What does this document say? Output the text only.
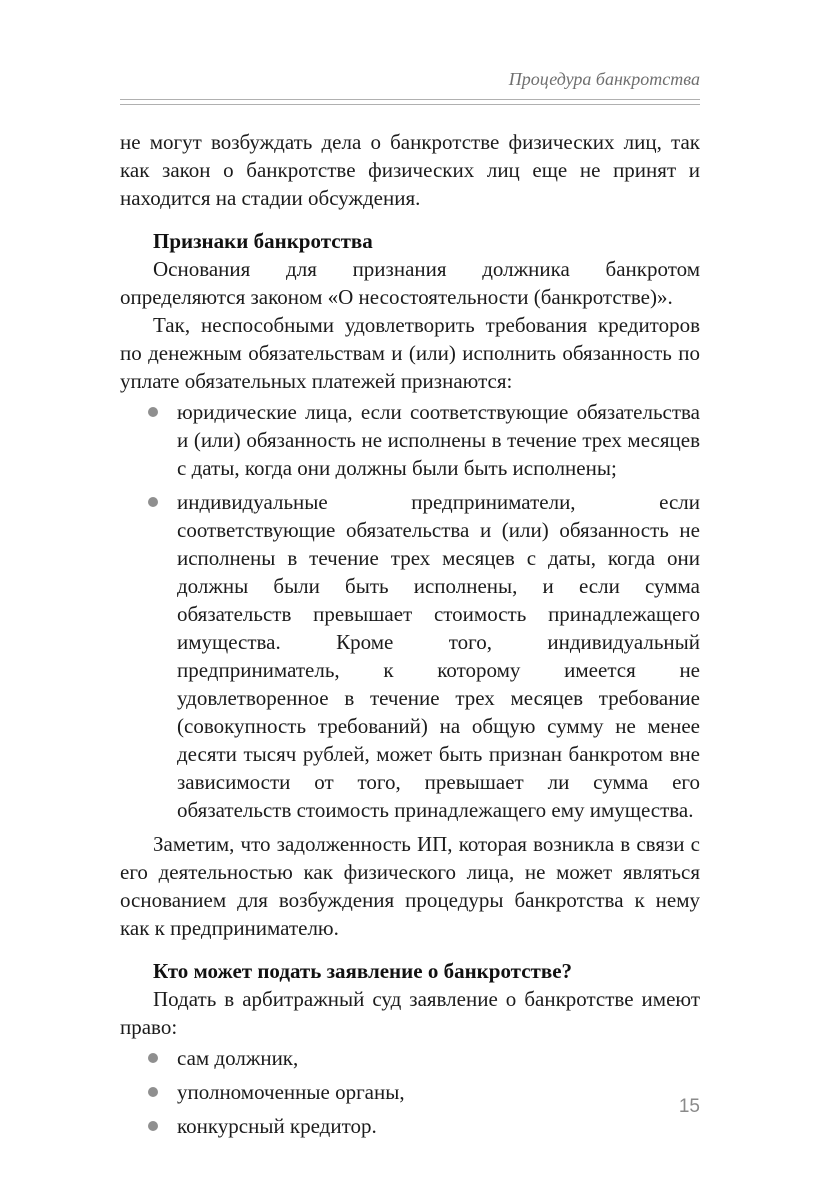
Процедура банкротства

не могут возбуждать дела о банкротстве физических лиц, так как закон о банкротстве физических лиц еще не принят и находится на стадии обсуждения.

Признаки банкротства

Основания для признания должника банкротом определяются законом «О несостоятельности (банкротстве)».

Так, неспособными удовлетворить требования кредиторов по денежным обязательствам и (или) исполнить обязанность по уплате обязательных платежей признаются:

юридические лица, если соответствующие обязательства и (или) обязанность не исполнены в течение трех месяцев с даты, когда они должны были быть исполнены;
индивидуальные предприниматели, если соответствующие обязательства и (или) обязанность не исполнены в течение трех месяцев с даты, когда они должны были быть исполнены, и если сумма обязательств превышает стоимость принадлежащего имущества. Кроме того, индивидуальный предприниматель, к которому имеется не удовлетворенное в течение трех месяцев требование (совокупность требований) на общую сумму не менее десяти тысяч рублей, может быть признан банкротом вне зависимости от того, превышает ли сумма его обязательств стоимость принадлежащего ему имущества.

Заметим, что задолженность ИП, которая возникла в связи с его деятельностью как физического лица, не может являться основанием для возбуждения процедуры банкротства к нему как к предпринимателю.

Кто может подать заявление о банкротстве?

Подать в арбитражный суд заявление о банкротстве имеют право:

сам должник,
уполномоченные органы,
конкурсный кредитор.
15
